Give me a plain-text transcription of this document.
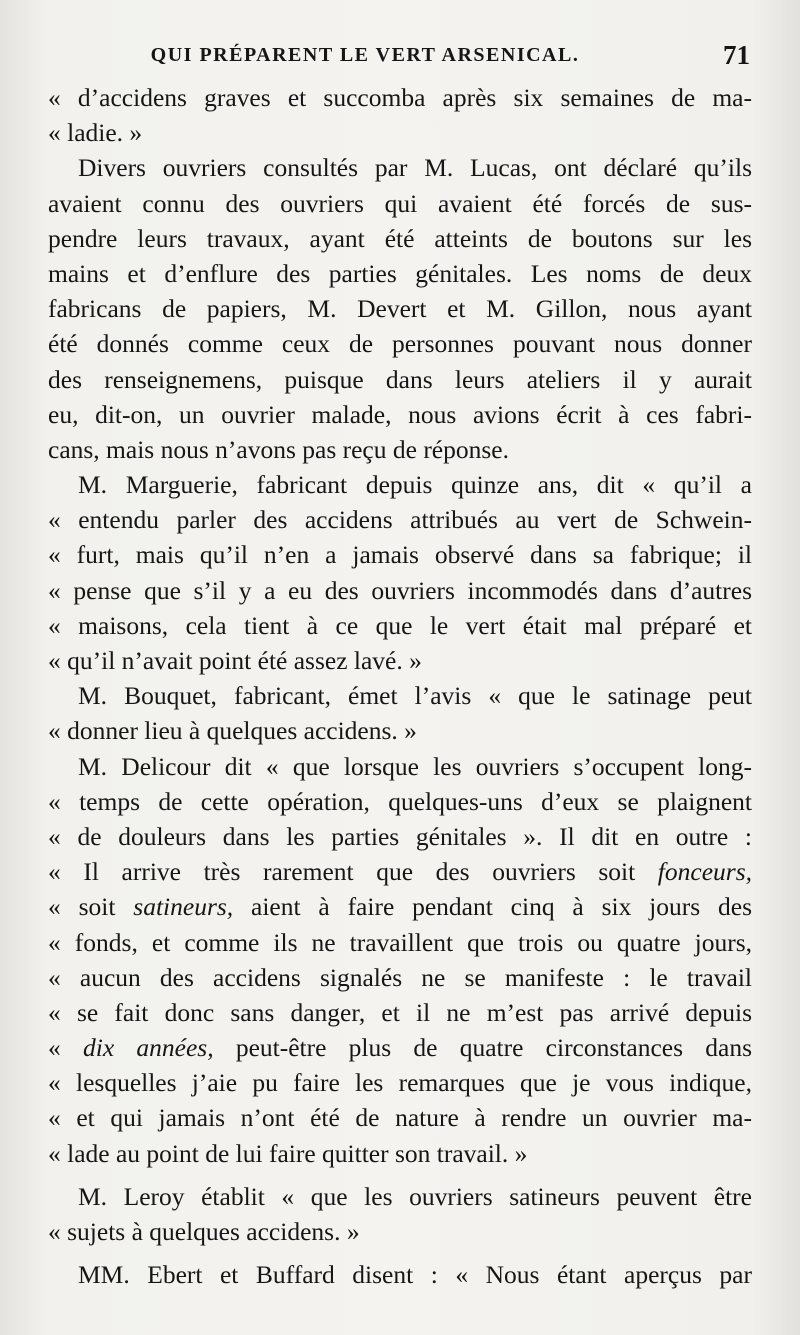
QUI PRÉPARENT LE VERT ARSENICAL.	71
« d’accidens graves et succomba après six semaines de ma-
« ladie. »
Divers ouvriers consultés par M. Lucas, ont déclaré qu’ils
avaient connu des ouvriers qui avaient été forcés de sus-
pendre leurs travaux, ayant été atteints de boutons sur les
mains et d’enflure des parties génitales. Les noms de deux
fabricans de papiers, M. Devert et M. Gillon, nous ayant
été donnés comme ceux de personnes pouvant nous donner
des renseignemens, puisque dans leurs ateliers il y aurait
eu, dit-on, un ouvrier malade, nous avions écrit à ces fabri-
cans, mais nous n’avons pas reçu de réponse.
M. Marguerie, fabricant depuis quinze ans, dit « qu’il a
« entendu parler des accidens attribués au vert de Schwein-
« furt, mais qu’il n’en a jamais observé dans sa fabrique; il
« pense que s’il y a eu des ouvriers incommodés dans d’autres
« maisons, cela tient à ce que le vert était mal préparé et
« qu’il n’avait point été assez lavé. »
M. Bouquet, fabricant, émet l’avis « que le satinage peut
« donner lieu à quelques accidens. »
M. Delicour dit « que lorsque les ouvriers s’occupent long-
« temps de cette opération, quelques-uns d’eux se plaignent
« de douleurs dans les parties génitales ». Il dit en outre :
« Il arrive très rarement que des ouvriers soit fonceurs,
« soit satineurs, aient à faire pendant cinq à six jours des
« fonds, et comme ils ne travaillent que trois ou quatre jours,
« aucun des accidens signalés ne se manifeste : le travail
« se fait donc sans danger, et il ne m’est pas arrivé depuis
« dix années, peut-être plus de quatre circonstances dans
« lesquelles j’aie pu faire les remarques que je vous indique,
« et qui jamais n’ont été de nature à rendre un ouvrier ma-
« lade au point de lui faire quitter son travail. »
M. Leroy établit « que les ouvriers satineurs peuvent être
« sujets à quelques accidens. »
MM. Ebert et Buffard disent : « Nous étant aperçus par
